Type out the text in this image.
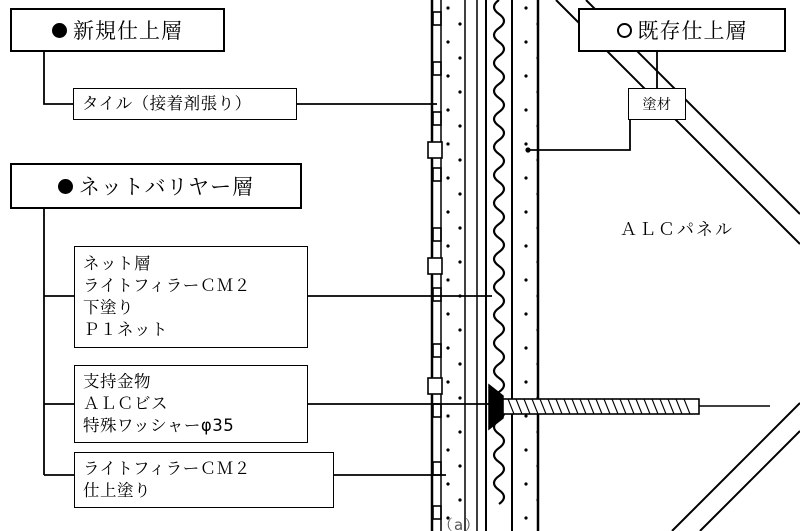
新規仕上層
タイル（接着剤張り）
ネットバリヤー層
ネット層
ライトフィラーＣＭ２
下塗り
Ｐ１ネット
支持金物
ＡＬＣビス
特殊ワッシャーφ35
ライトフィラーＣＭ２
仕上塗り
既存仕上層
塗材
ＡＬＣパネル
（a）
